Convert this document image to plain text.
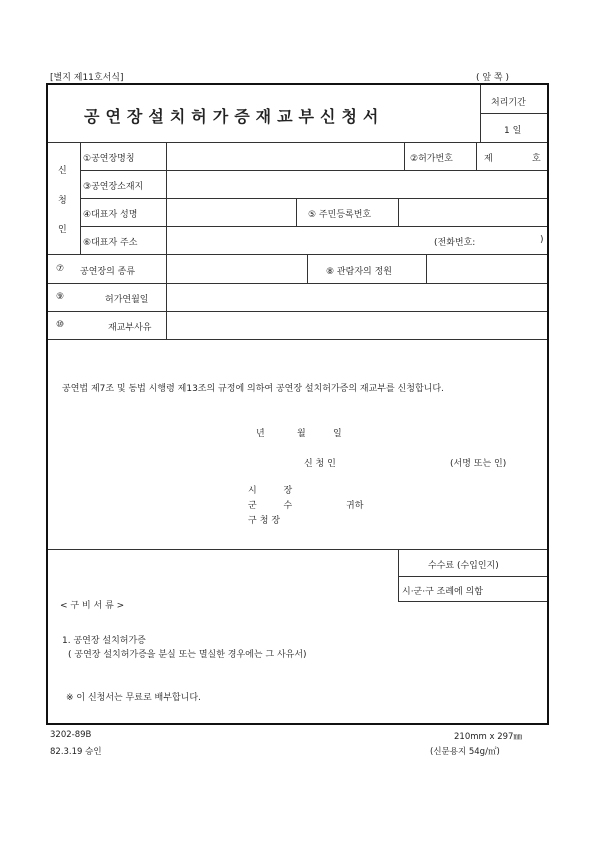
[별지 제11호서식]	( 앞 쪽 )
공연장설치허가증재교부신청서
처리기간
1 일
신
청
인
①공연장명칭	②허가번호	제	호
③공연장소재지
④대표자 성명	⑤ 주민등록번호
⑥대표자 주소	(전화번호:	)
⑦ 공연장의 종류	⑧ 관람자의 정원
⑨	허가연월일
⑩	재교부사유
공연법 제7조 및 동법 시행령 제13조의 규정에 의하여 공연장 설치허가증의 재교부를 신청합니다.
년	월	일
신 청 인	(서명 또는 인)
시 장
군 수
구청장
귀하
수수료 (수입인지)
시·군·구 조례에 의함
< 구 비 서 류 >
1. 공연장 설치허가증
( 공연장 설치허가증을 분실 또는 멸실한 경우에는 그 사유서)
※ 이 신청서는 무료로 배부합니다.
3202-89B
82.3.19 승인
210mm x 297㎜
(신문용지 54g/㎡)
